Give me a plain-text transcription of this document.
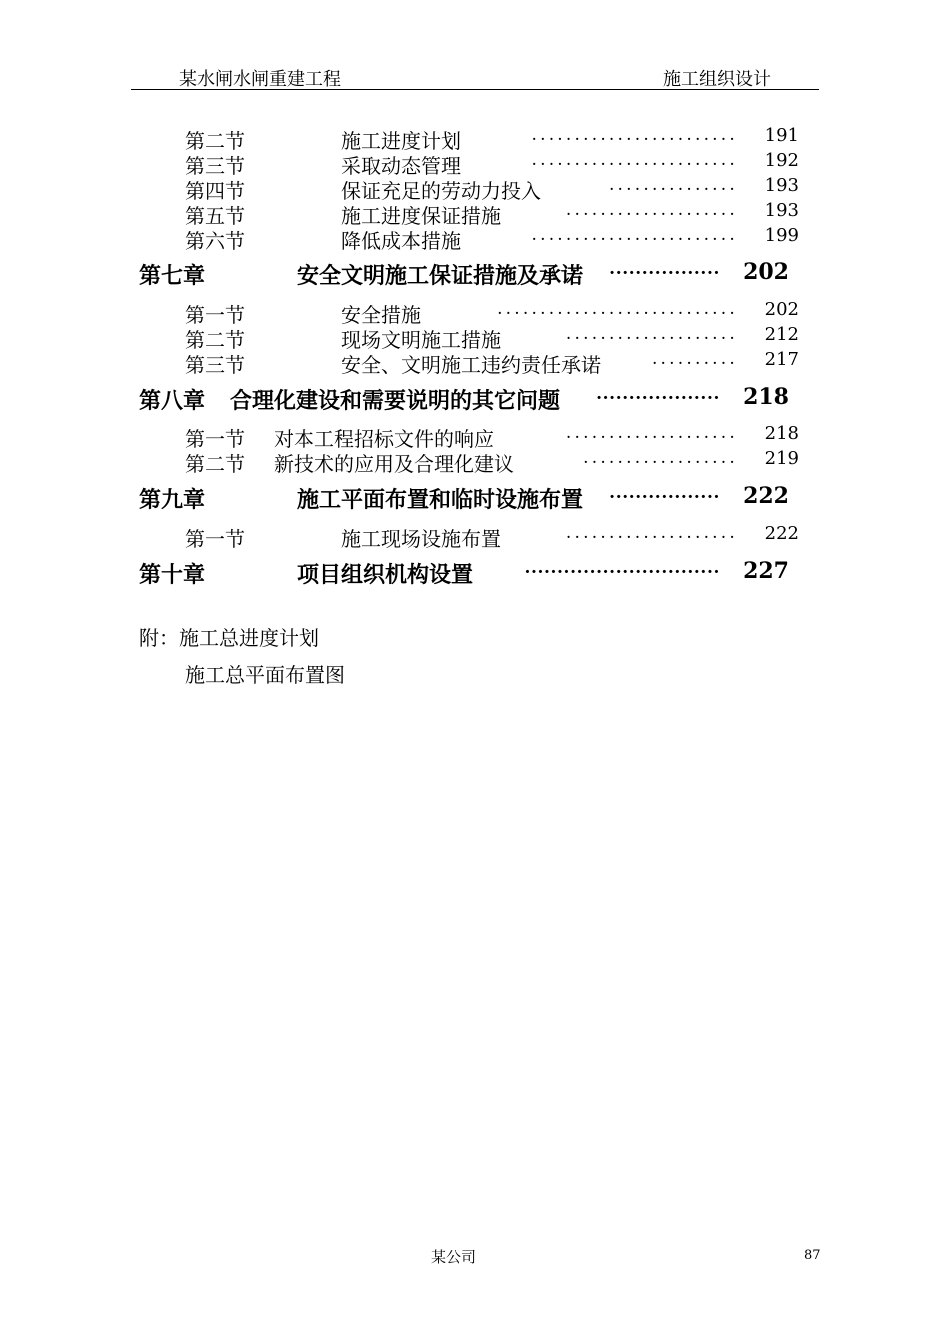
某水闸水闸重建工程	施工组织设计
第二节	施工进度计划	........................ 191
第三节	采取动态管理	........................ 192
第四节	保证充足的劳动力投入	............... 193
第五节	施工进度保证措施	.................... 193
第六节	降低成本措施	........................ 199
第七章	安全文明施工保证措施及承诺 ................. 202
第一节	安全措施	............................ 202
第二节	现场文明施工措施	.................... 212
第三节	安全、文明施工违约责任承诺	.......... 217
第八章 合理化建设和需要说明的其它问题 ................... 218
第一节 对本工程招标文件的响应	.................... 218
第二节 新技术的应用及合理化建议	.................. 219
第九章	施工平面布置和临时设施布置 ................. 222
第一节	施工现场设施布置	.................... 222
第十章	项目组织机构设置	.............................. 227
附：施工总进度计划
施工总平面布置图
某公司	87
